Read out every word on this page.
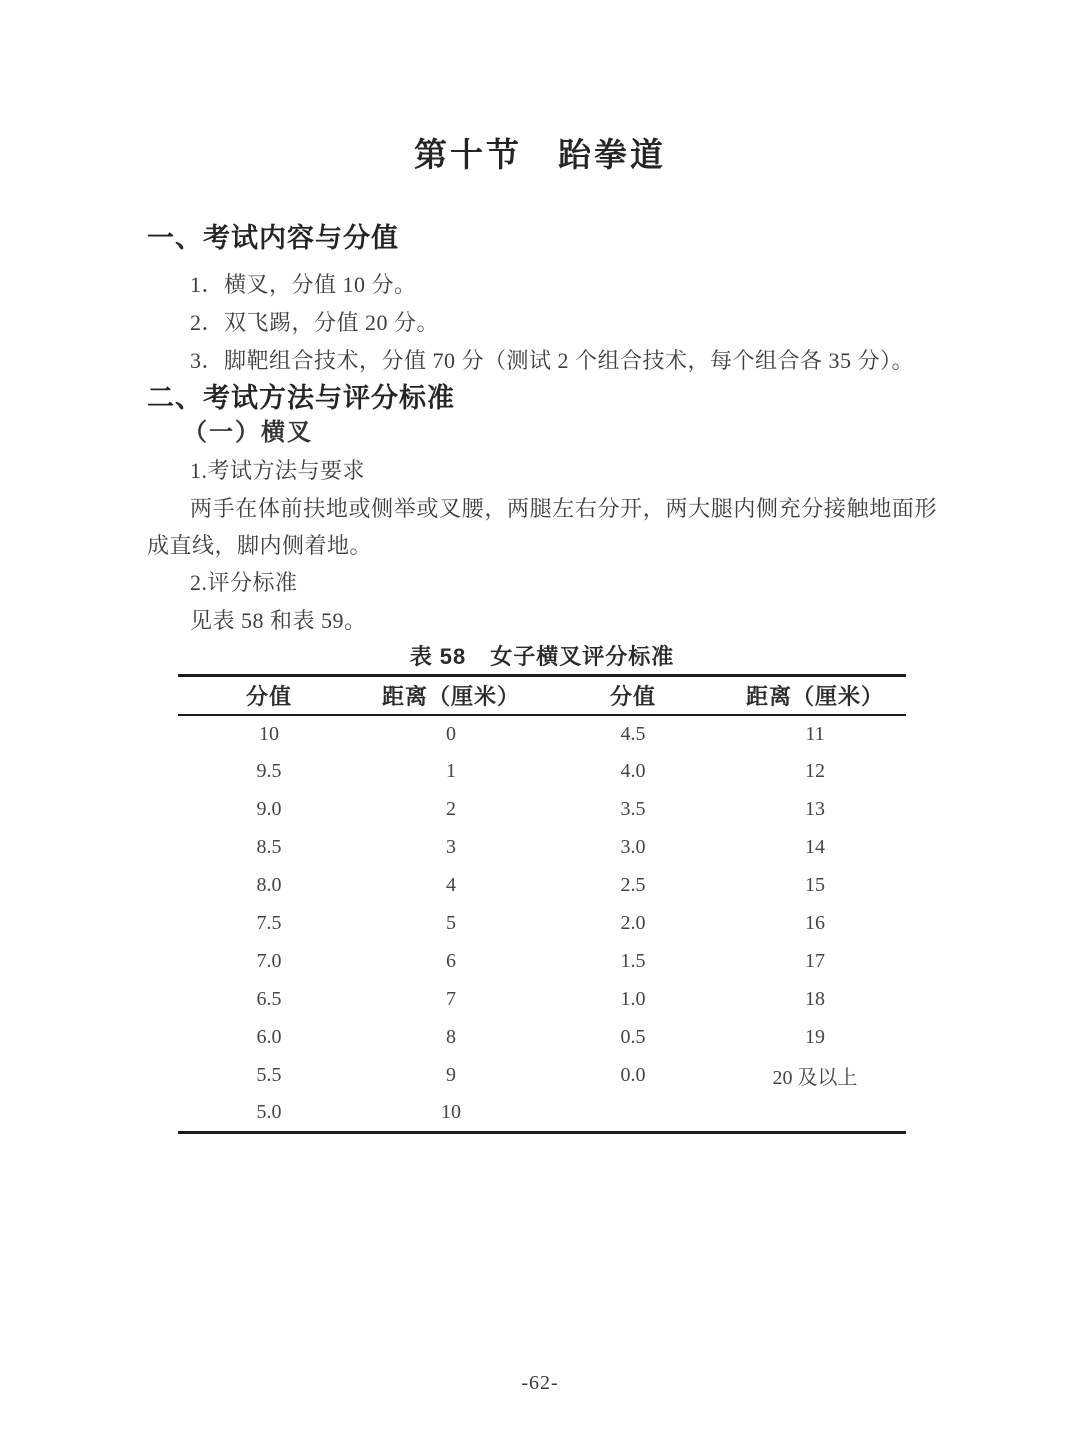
第十节　跆拳道
一、考试内容与分值

1．横叉，分值 10 分。

2．双飞踢，分值 20 分。

3．脚靶组合技术，分值 70 分（测试 2 个组合技术，每个组合各 35 分）。

二、考试方法与评分标准
（一）横叉

1.考试方法与要求

两手在体前扶地或侧举或叉腰，两腿左右分开，两大腿内侧充分接触地面形成直线，脚内侧着地。

2.评分标准

见表 58 和表 59。

表 58 女子横叉评分标准
分值	距离（厘米）	分值	距离（厘米）
10	0	4.5	11
9.5	1	4.0	12
9.0	2	3.5	13
8.5	3	3.0	14
8.0	4	2.5	15
7.5	5	2.0	16
7.0	6	1.5	17
6.5	7	1.0	18
6.0	8	0.5	19
5.5	9	0.0	20 及以上
5.0	10		
-62-
